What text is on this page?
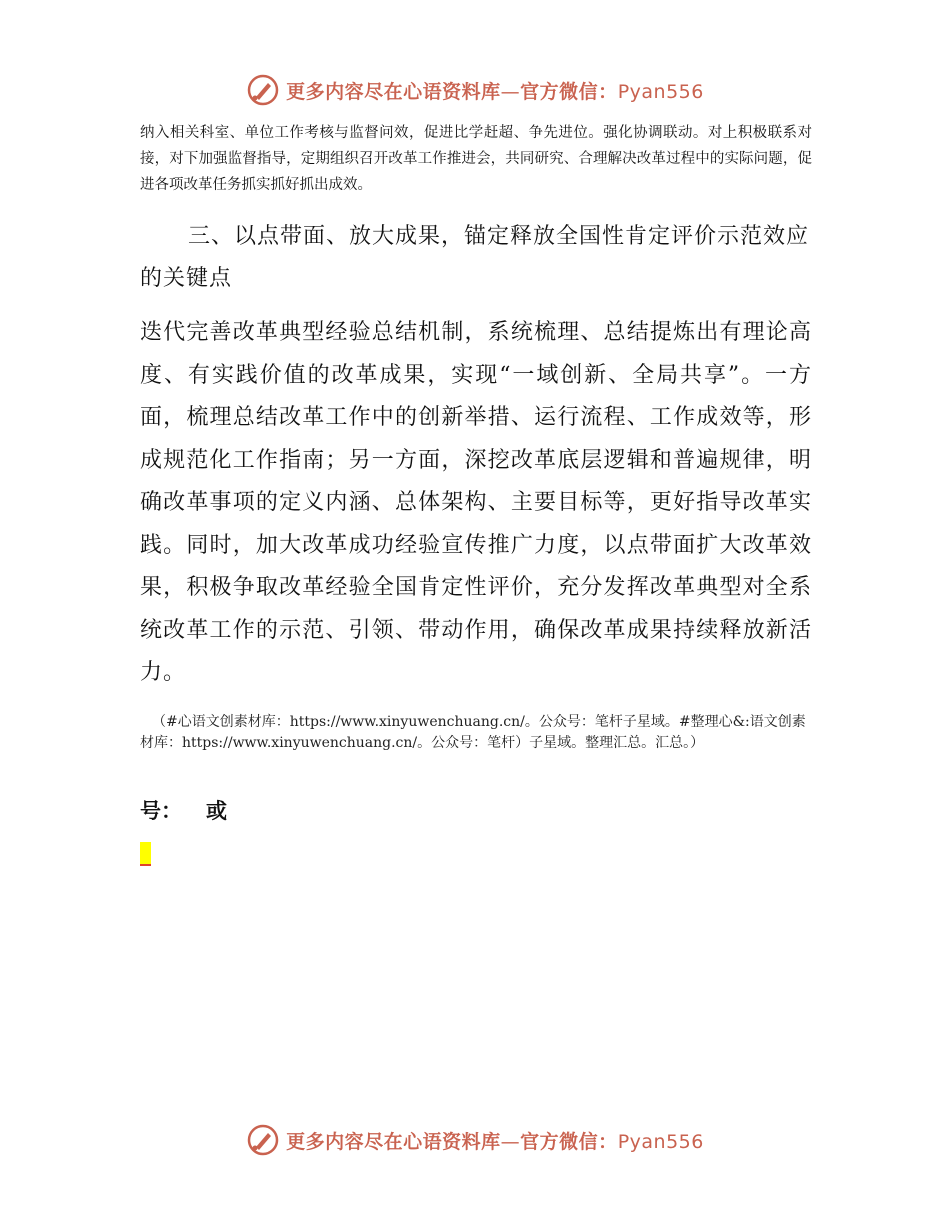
更多内容尽在心语资料库—官方微信：Pyan556

纳入相关科室、单位工作考核与监督问效，促进比学赶超、争先进位。强化协调联动。对上积极联系对接，对下加强监督指导，定期组织召开改革工作推进会，共同研究、合理解决改革过程中的实际问题，促进各项改革任务抓实抓好抓出成效。

三、以点带面、放大成果，锚定释放全国性肯定评价示范效应的关键点

迭代完善改革典型经验总结机制，系统梳理、总结提炼出有理论高度、有实践价值的改革成果，实现“一域创新、全局共享”。一方面，梳理总结改革工作中的创新举措、运行流程、工作成效等，形成规范化工作指南；另一方面，深挖改革底层逻辑和普遍规律，明确改革事项的定义内涵、总体架构、主要目标等，更好指导改革实践。同时，加大改革成功经验宣传推广力度，以点带面扩大改革效果，积极争取改革经验全国肯定性评价，充分发挥改革典型对全系统改革工作的示范、引领、带动作用，确保改革成果持续释放新活力。

（#心语文创素材库：https://www.xinyuwenchuang.cn/。公众号：笔杆子星域。#整理心&:语文创素材库：https://www.xinyuwenchuang.cn/。公众号：笔杆）子星域。整理汇总。汇总。）

号： 或

更多内容尽在心语资料库—官方微信：Pyan556
